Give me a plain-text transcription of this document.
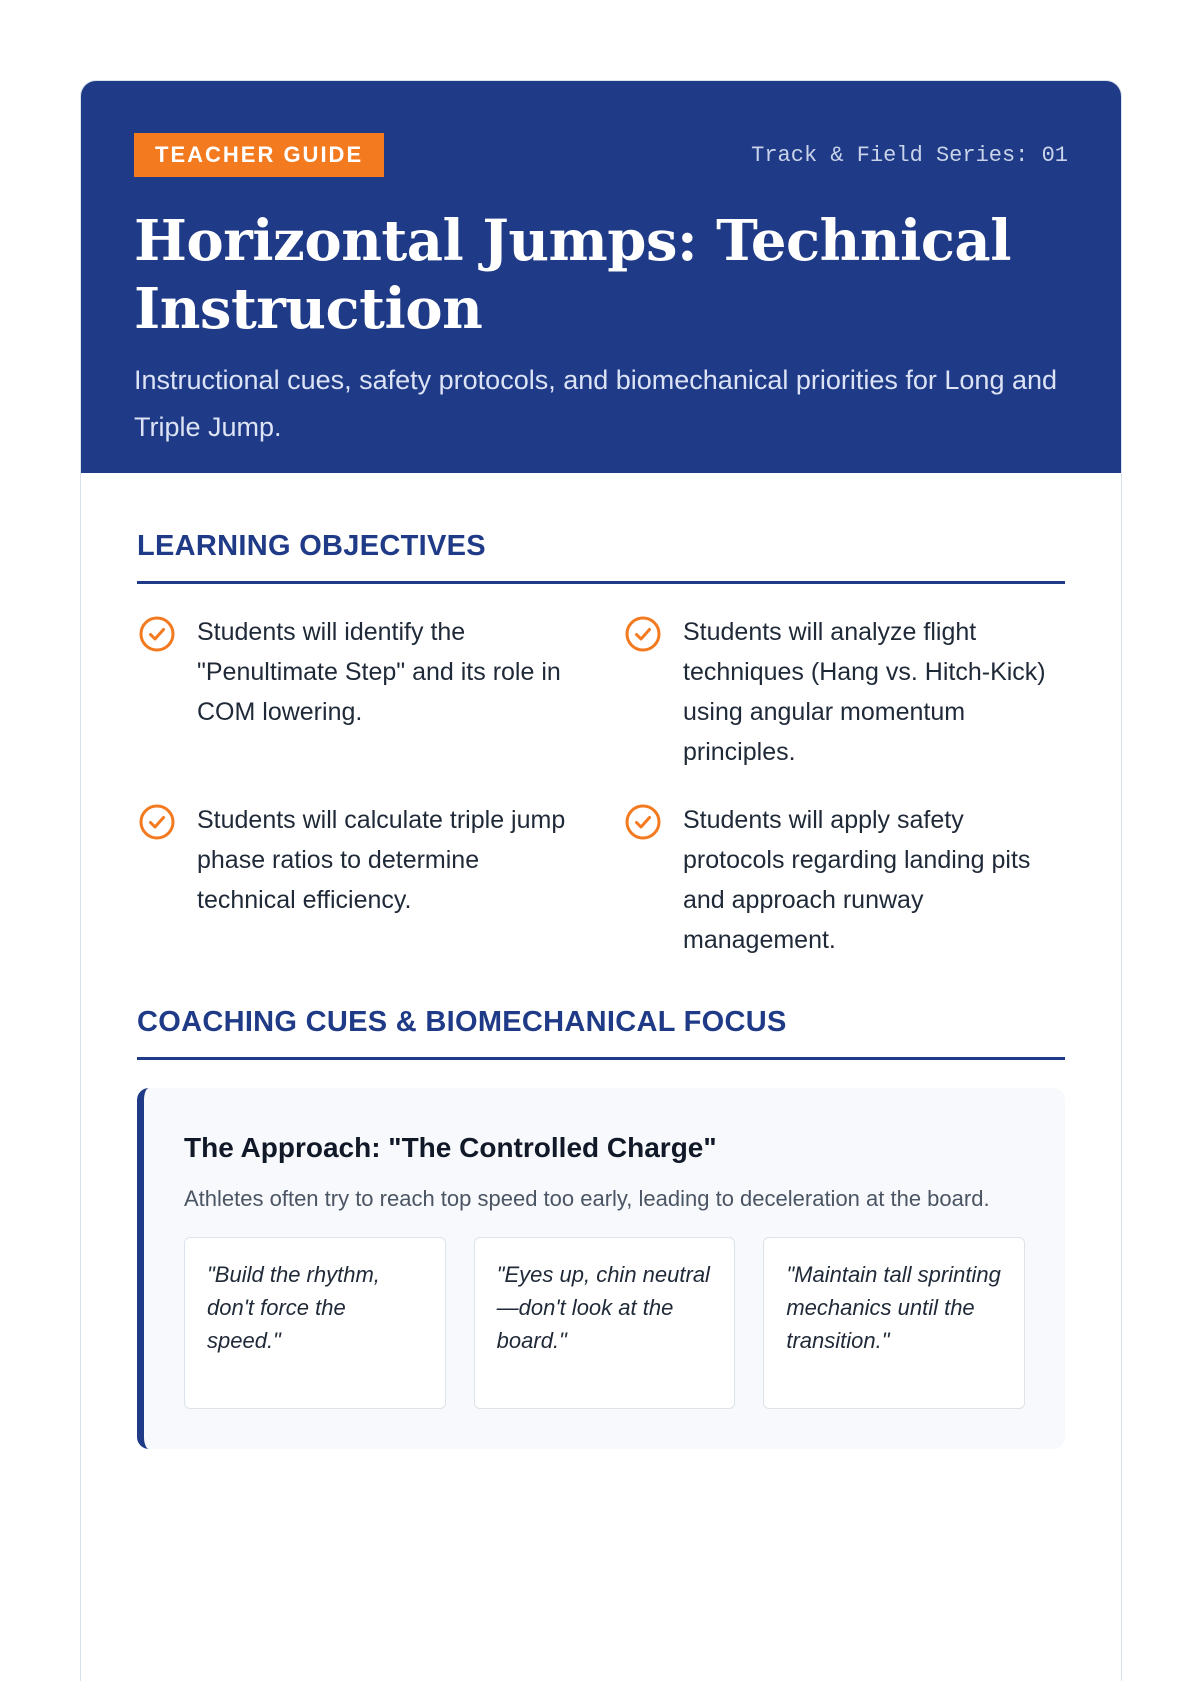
TEACHER GUIDE	Track & Field Series: 01
Horizontal Jumps: Technical Instruction
Instructional cues, safety protocols, and biomechanical priorities for Long and Triple Jump.
LEARNING OBJECTIVES
Students will identify the "Penultimate Step" and its role in COM lowering.
Students will analyze flight techniques (Hang vs. Hitch-Kick) using angular momentum principles.
Students will calculate triple jump phase ratios to determine technical efficiency.
Students will apply safety protocols regarding landing pits and approach runway management.
COACHING CUES & BIOMECHANICAL FOCUS
The Approach: "The Controlled Charge"
Athletes often try to reach top speed too early, leading to deceleration at the board.
"Build the rhythm, don't force the speed."
"Eyes up, chin neutral—don't look at the board."
"Maintain tall sprinting mechanics until the transition."
